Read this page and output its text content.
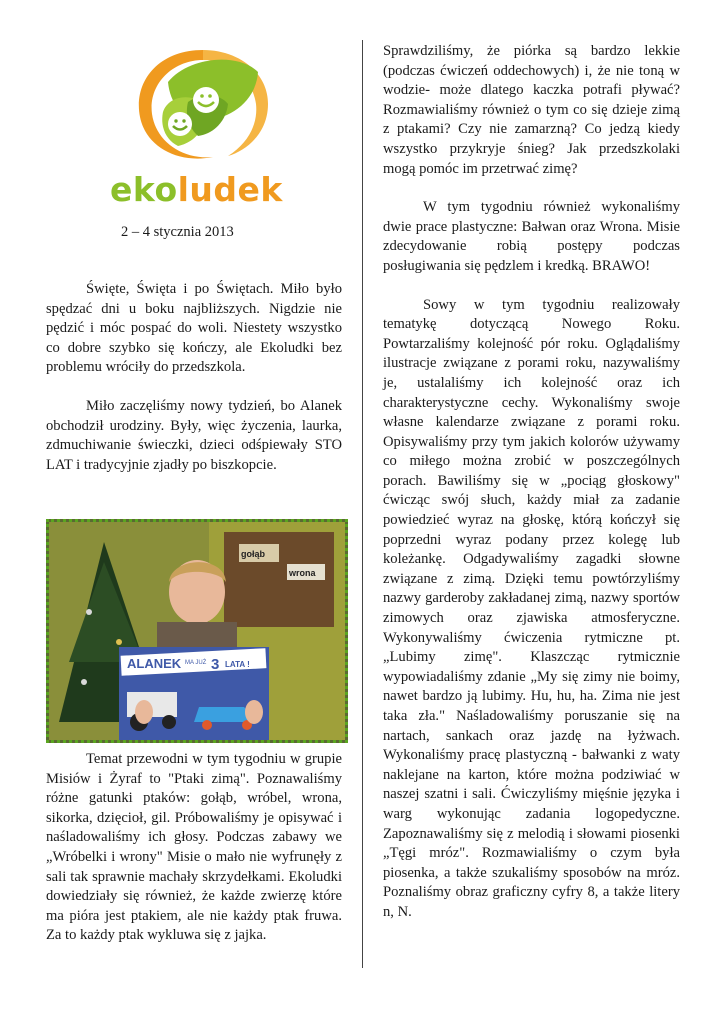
ekoludek
2 – 4 stycznia 2013

Święte, Święta i po Świętach. Miło było spędzać dni u boku najbliższych. Nigdzie nie pędzić i móc pospać do woli. Niestety wszystko co dobre szybko się kończy, ale Ekoludki bez problemu wróciły do przedszkola.

Miło zaczęliśmy nowy tydzień, bo Alanek obchodził urodziny. Były, więc życzenia, laurka, zdmuchiwanie świeczki, dzieci odśpiewały STO LAT i tradycyjnie zjadły po biszkopcie.

gołąb
wrona
ALANEK MA JUŻ 3 LATA !

Temat przewodni w tym tygodniu w grupie Misiów i Żyraf to "Ptaki zimą". Poznawaliśmy różne gatunki ptaków: gołąb, wróbel, wrona, sikorka, dzięcioł, gil. Próbowaliśmy je opisywać i naśladowaliśmy ich głosy. Podczas zabawy we „Wróbelki i wrony" Misie o mało nie wyfrunęły z sali tak sprawnie machały skrzydełkami. Ekoludki dowiedziały się również, że każde zwierzę które ma pióra jest ptakiem, ale nie każdy ptak fruwa. Za to każdy ptak wykluwa się z jajka.

Sprawdziliśmy, że piórka są bardzo lekkie (podczas ćwiczeń oddechowych) i, że nie toną w wodzie- może dlatego kaczka potrafi pływać? Rozmawialiśmy również o tym co się dzieje zimą z ptakami? Czy nie zamarzną? Co jedzą kiedy wszystko przykryje śnieg? Jak przedszkolaki mogą pomóc im przetrwać zimę?

W tym tygodniu również wykonaliśmy dwie prace plastyczne: Bałwan oraz Wrona. Misie zdecydowanie robią postępy podczas posługiwania się pędzlem i kredką. BRAWO!

Sowy w tym tygodniu realizowały tematykę dotyczącą Nowego Roku. Powtarzaliśmy kolejność pór roku. Oglądaliśmy ilustracje związane z porami roku, nazywaliśmy je, ustalaliśmy ich kolejność oraz ich charakterystyczne cechy. Wykonaliśmy swoje własne kalendarze związane z porami roku. Opisywaliśmy przy tym jakich kolorów używamy co miłego można zrobić w poszczególnych porach. Bawiliśmy się w „pociąg głoskowy" ćwicząc swój słuch, każdy miał za zadanie powiedzieć wyraz na głoskę, którą kończył się poprzedni wyraz podany przez kolegę lub koleżankę. Odgadywaliśmy zagadki słowne związane z zimą. Dzięki temu powtórzyliśmy nazwy garderoby zakładanej zimą, nazwy sportów zimowych oraz zjawiska atmosferyczne. Wykonywaliśmy ćwiczenia rytmiczne pt. „Lubimy zimę". Klaszcząc rytmicznie wypowiadaliśmy zdanie „My się zimy nie boimy, nawet bardzo ją lubimy. Hu, hu, ha. Zima nie jest taka zła." Naśladowaliśmy poruszanie się na nartach, sankach oraz jazdę na łyżwach. Wykonaliśmy pracę plastyczną - bałwanki z waty naklejane na karton, które można podziwiać w naszej szatni i sali. Ćwiczyliśmy mięśnie języka i warg wykonując zadania logopedyczne. Zapoznawaliśmy się z melodią i słowami piosenki „Tęgi mróz". Rozmawialiśmy o czym była piosenka, a także szukaliśmy sposobów na mróz. Poznaliśmy obraz graficzny cyfry 8, a także litery n, N.
